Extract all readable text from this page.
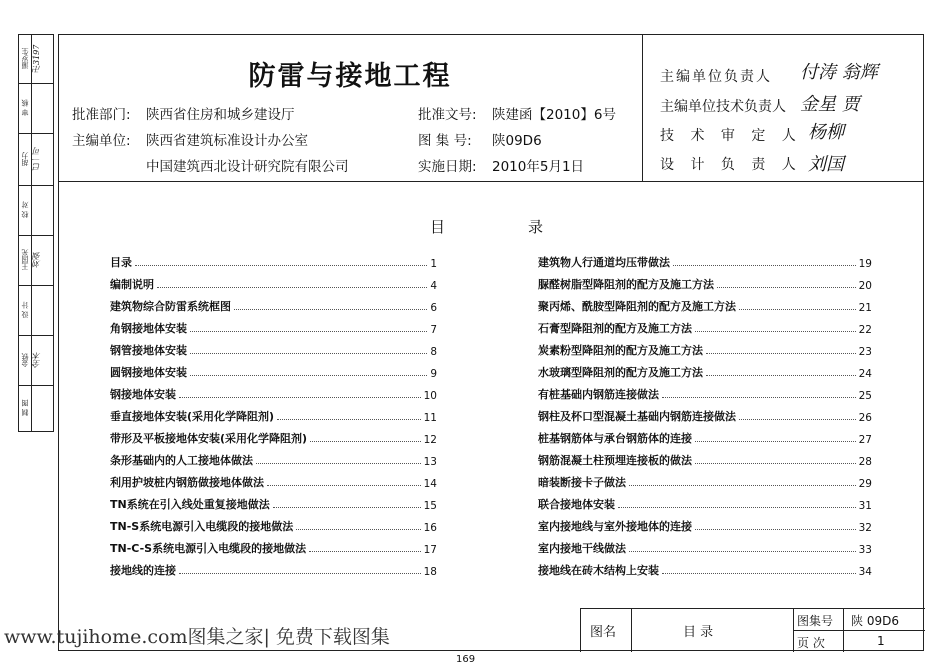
逼岁生 卍3197
审 核
胡力 已一可
校 对
王国光 刘强
设 计
金铁 全木
制 图
防雷与接地工程
批准部门: 陕西省住房和城乡建设厅	批准文号: 陕建函【2010】6号
主编单位: 陕西省建筑标准设计办公室	图 集 号: 陕09D6
中国建筑西北设计研究院有限公司	实施日期: 2010年5月1日
主编单位负责人 付涛 翁辉
主编单位技术负责人 金星 贾
技 术 审 定 人 杨柳
设 计 负 责 人 刘国
目	录
目录	1
编制说明	4
建筑物综合防雷系统框图	6
角钢接地体安装	7
钢管接地体安装	8
圆钢接地体安装	9
钢接地体安装	10
垂直接地体安装(采用化学降阻剂)	11
带形及平板接地体安装(采用化学降阻剂)	12
条形基础内的人工接地体做法	13
利用护坡桩内钢筋做接地体做法	14
TN系统在引入线处重复接地做法	15
TN-S系统电源引入电缆段的接地做法	16
TN-C-S系统电源引入电缆段的接地做法	17
接地线的连接	18
建筑物人行通道均压带做法	19
脲醛树脂型降阻剂的配方及施工方法	20
聚丙烯、酰胺型降阻剂的配方及施工方法	21
石膏型降阻剂的配方及施工方法	22
炭素粉型降阻剂的配方及施工方法	23
水玻璃型降阻剂的配方及施工方法	24
有桩基础内钢筋连接做法	25
钢柱及杯口型混凝土基础内钢筋连接做法	26
桩基钢筋体与承台钢筋体的连接	27
钢筋混凝土柱预埋连接板的做法	28
暗装断接卡子做法	29
联合接地体安装	31
室内接地线与室外接地体的连接	32
室内接地干线做法	33
接地线在砖木结构上安装	34
图名	目 录
图集号 陕 09D6
页 次	1
www.tujihome.com图集之家| 免费下载图集
169
